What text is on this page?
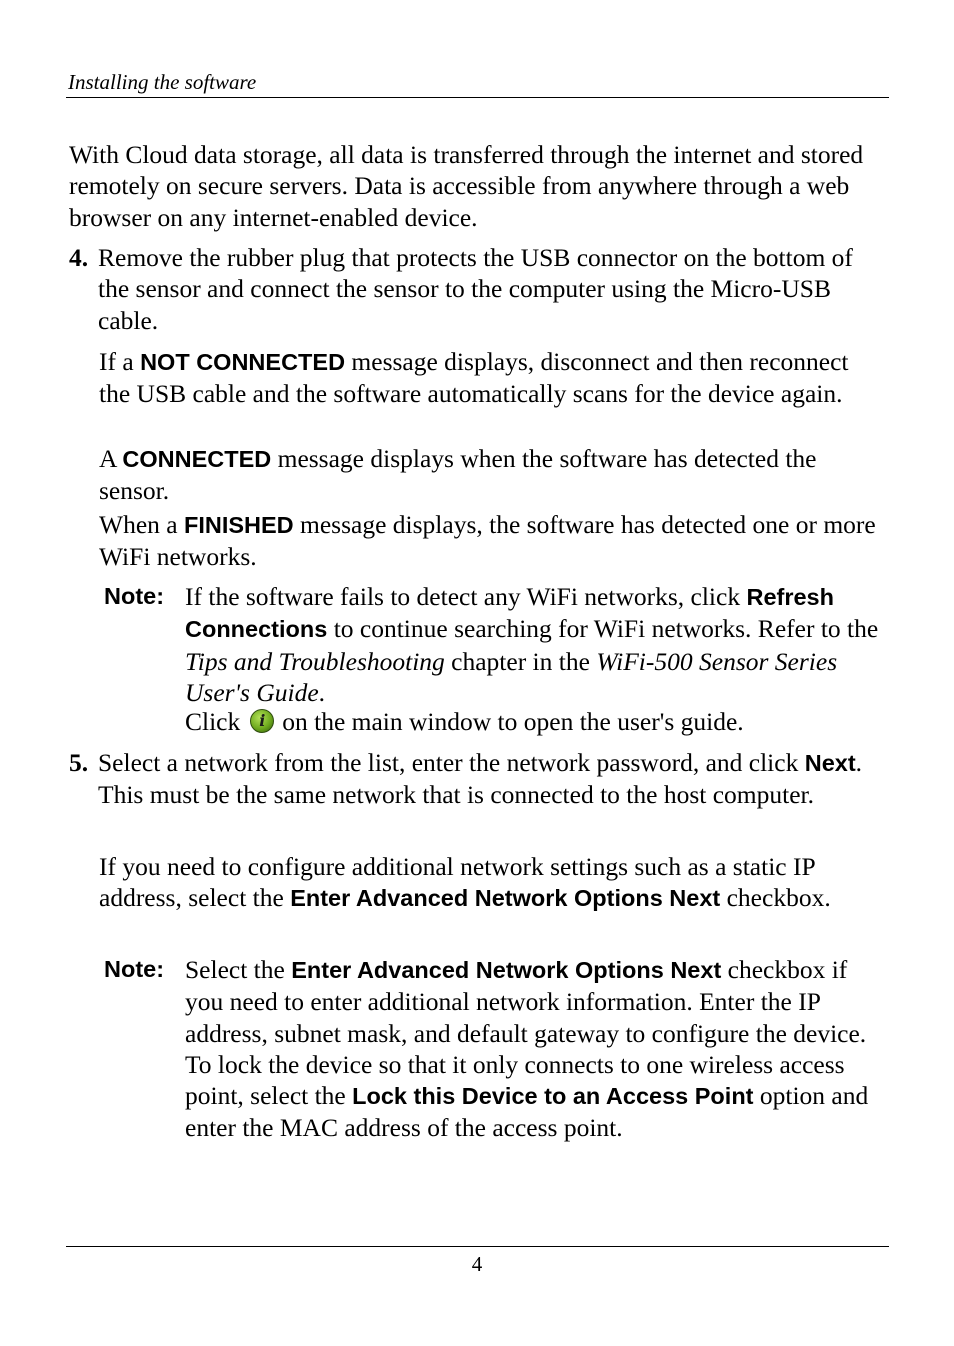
Installing the software
With Cloud data storage, all data is transferred through the internet and stored remotely on secure servers. Data is accessible from anywhere through a web browser on any internet-enabled device.
4. Remove the rubber plug that protects the USB connector on the bottom of the sensor and connect the sensor to the computer using the Micro-USB cable.
If a NOT CONNECTED message displays, disconnect and then reconnect the USB cable and the software automatically scans for the device again.
A CONNECTED message displays when the software has detected the sensor.
When a FINISHED message displays, the software has detected one or more WiFi networks.
Note: If the software fails to detect any WiFi networks, click Refresh Connections to continue searching for WiFi networks. Refer to the Tips and Troubleshooting chapter in the WiFi-500 Sensor Series User's Guide.
Clicki on the main window to open the user's guide.
5. Select a network from the list, enter the network password, and click Next. This must be the same network that is connected to the host computer.
If you need to configure additional network settings such as a static IP address, select the Enter Advanced Network Options Next checkbox.
Note: Select the Enter Advanced Network Options Next checkbox if you need to enter additional network information. Enter the IP address, subnet mask, and default gateway to configure the device. To lock the device so that it only connects to one wireless access point, select the Lock this Device to an Access Point option and enter the MAC address of the access point.
4
